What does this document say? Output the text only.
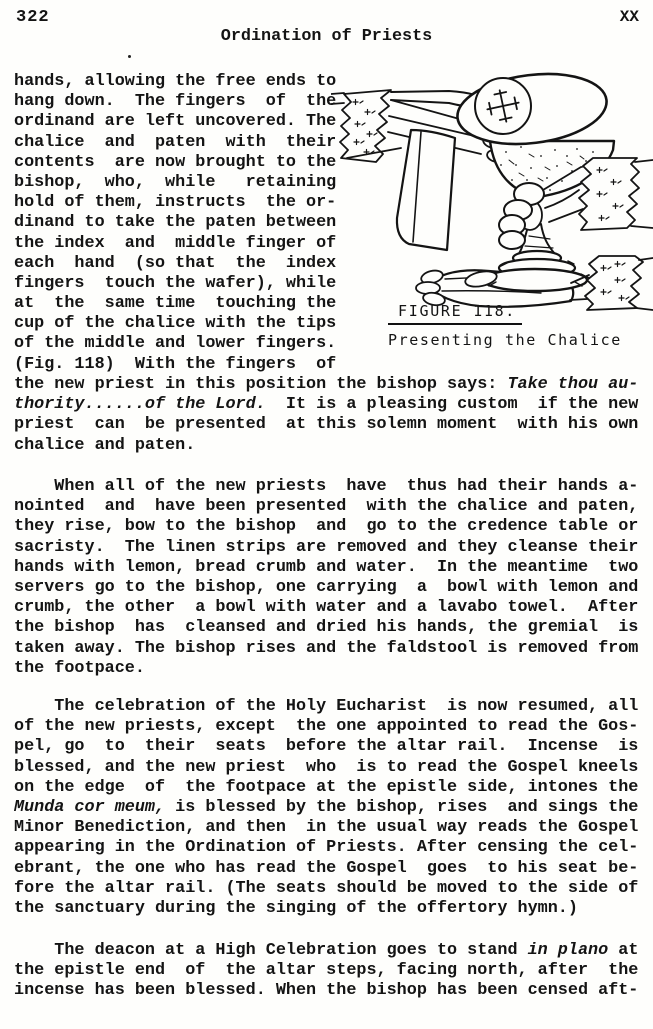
322	XX
Ordination of Priests
hands, allowing the free ends to
hang down.  The fingers  of  the
ordinand are left uncovered. The
chalice  and  paten  with  their
contents  are now brought to the
bishop,  who,  while   retaining
hold of them, instructs  the or-
dinand to take the paten between
the index  and  middle finger of
each  hand  (so that  the  index
fingers  touch the wafer), while
at  the  same time  touching the
cup of the chalice with the tips
of the middle and lower fingers.
(Fig. 118)  With the fingers  of
the new priest in this position the bishop says: Take thou au-
thority......of the Lord.  It is a pleasing custom  if the new
priest  can  be presented  at this solemn moment  with his own
chalice and paten.
When all of the new priests  have  thus had their hands a-
nointed  and  have been presented  with the chalice and paten,
they rise, bow to the bishop  and  go to the credence table or
sacristy.  The linen strips are removed and they cleanse their
hands with lemon, bread crumb and water.  In the meantime  two
servers go to the bishop, one carrying  a  bowl with lemon and
crumb, the other  a bowl with water and a lavabo towel.  After
the bishop  has  cleansed and dried his hands, the gremial  is
taken away. The bishop rises and the faldstool is removed from
the footpace.
The celebration of the Holy Eucharist  is now resumed, all
of the new priests, except  the one appointed to read the Gos-
pel, go  to  their  seats  before the altar rail.  Incense  is
blessed, and the new priest  who  is to read the Gospel kneels
on the edge  of  the footpace at the epistle side, intones the
Munda cor meum, is blessed by the bishop, rises  and sings the
Minor Benediction, and then  in the usual way reads the Gospel
appearing in the Ordination of Priests. After censing the cel-
ebrant, the one who has read the Gospel  goes  to his seat be-
fore the altar rail. (The seats should be moved to the side of
the sanctuary during the singing of the offertory hymn.)
The deacon at a High Celebration goes to stand in plano at
the epistle end  of  the altar steps, facing north, after  the
incense has been blessed. When the bishop has been censed aft-
FIGURE 118.
Presenting the Chalice
